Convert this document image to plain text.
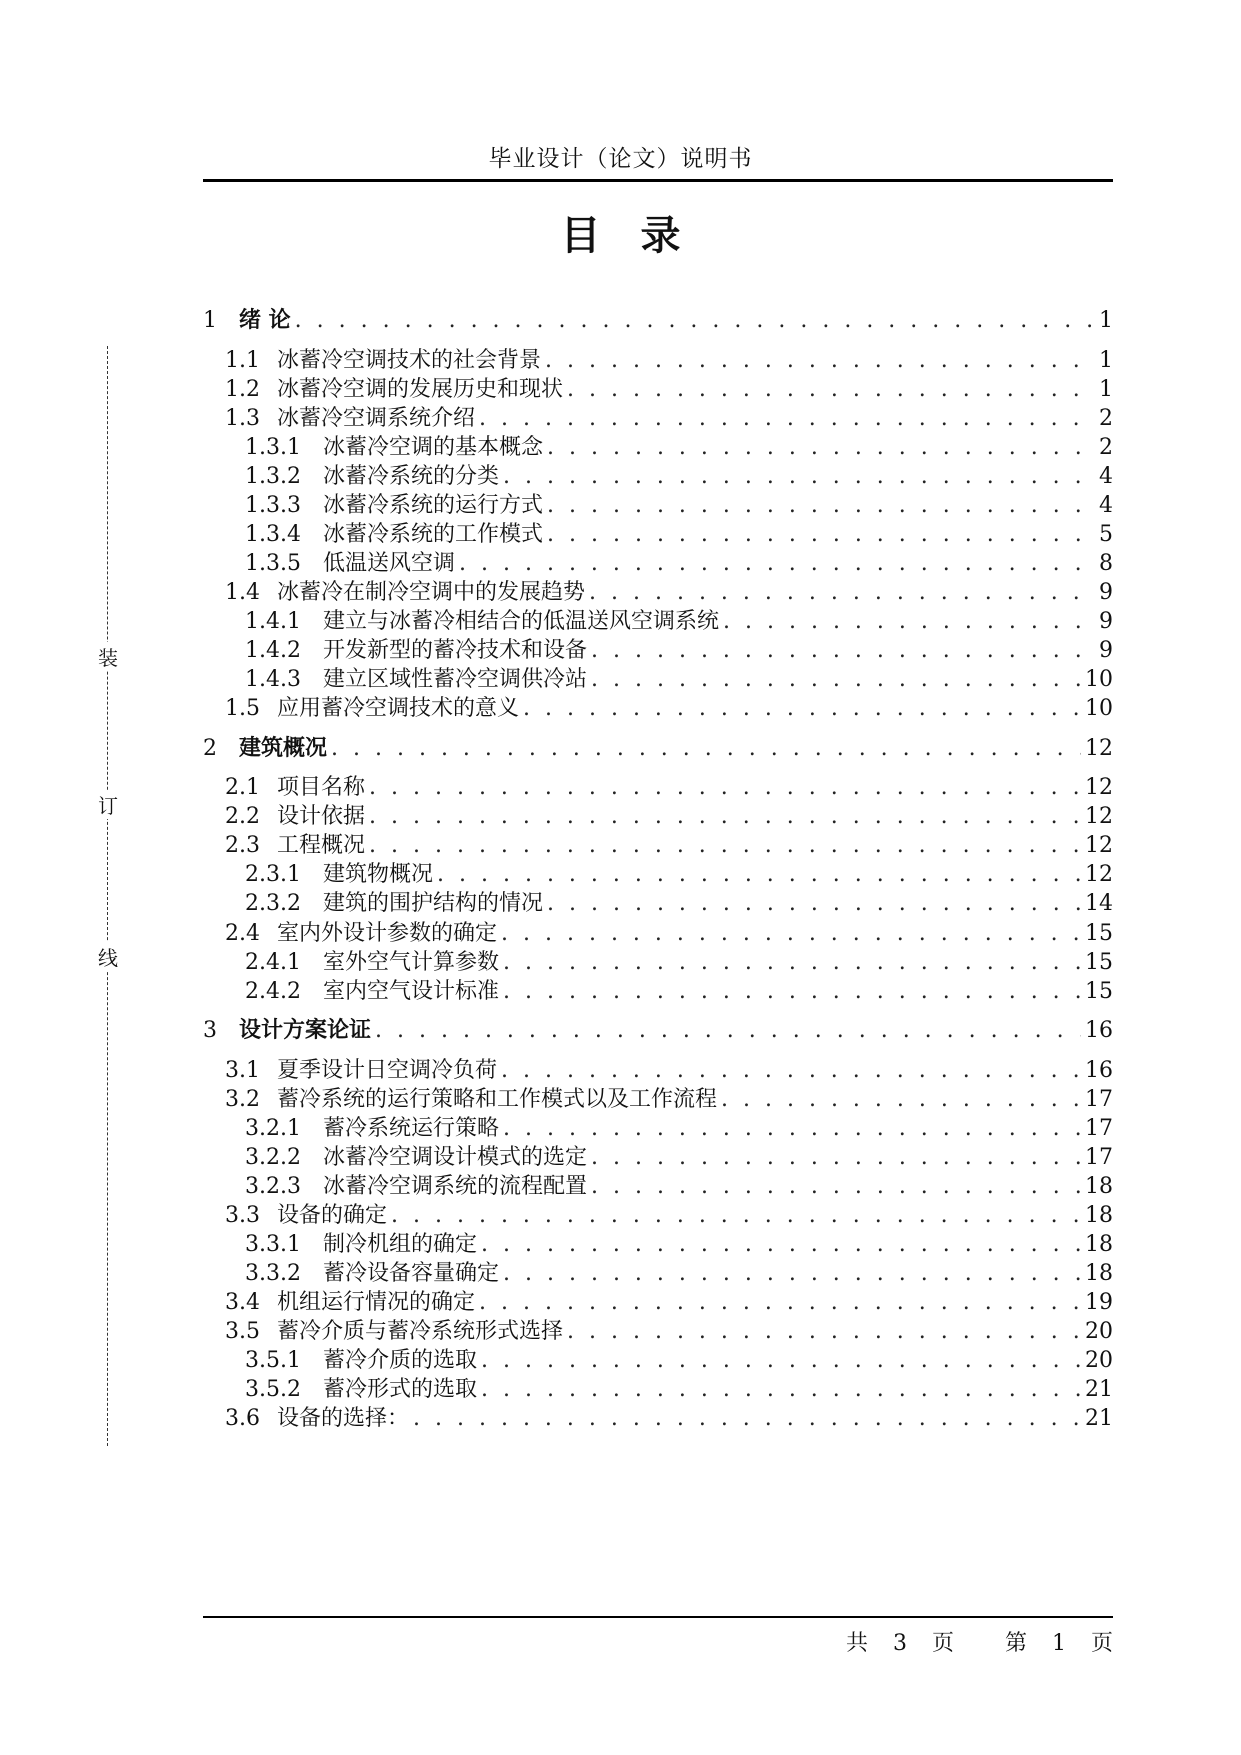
毕业设计（论文）说明书
目　录
装
订
线
1	绪 论 . . .	1
1.1 冰蓄冷空调技术的社会背景 . . .	1
1.2 冰蓄冷空调的发展历史和现状 . . .	1
1.3 冰蓄冷空调系统介绍 . . .	2
1.3.1	冰蓄冷空调的基本概念 . . .	2
1.3.2	冰蓄冷系统的分类 . . .	4
1.3.3	冰蓄冷系统的运行方式 . . .	4
1.3.4	冰蓄冷系统的工作模式 . . .	5
1.3.5	低温送风空调 . . .	8
1.4 冰蓄冷在制冷空调中的发展趋势 . . .	9
1.4.1	建立与冰蓄冷相结合的低温送风空调系统 . . .	9
1.4.2	开发新型的蓄冷技术和设备 . . .	9
1.4.3	建立区域性蓄冷空调供冷站 . . .	10
1.5 应用蓄冷空调技术的意义 . . .	10
2	建筑概况 . . .	12
2.1 项目名称 . . .	12
2.2 设计依据 . . .	12
2.3 工程概况 . . .	12
2.3.1	建筑物概况 . . .	12
2.3.2	建筑的围护结构的情况 . . .	14
2.4 室内外设计参数的确定 . . .	15
2.4.1	室外空气计算参数 . . .	15
2.4.2	室内空气设计标准 . . .	15
3	设计方案论证 . . .	16
3.1 夏季设计日空调冷负荷 . . .	16
3.2 蓄冷系统的运行策略和工作模式以及工作流程 . . .	17
3.2.1	蓄冷系统运行策略 . . .	17
3.2.2	冰蓄冷空调设计模式的选定 . . .	17
3.2.3	冰蓄冷空调系统的流程配置 . . .	18
3.3 设备的确定 . . .	18
3.3.1	制冷机组的确定 . . .	18
3.3.2	蓄冷设备容量确定 . . .	18
3.4 机组运行情况的确定 . . .	19
3.5 蓄冷介质与蓄冷系统形式选择 . . .	20
3.5.1	蓄冷介质的选取 . . .	20
3.5.2	蓄冷形式的选取 . . .	21
3.6 设备的选择： . . .	21
共 3 页 第 1 页
